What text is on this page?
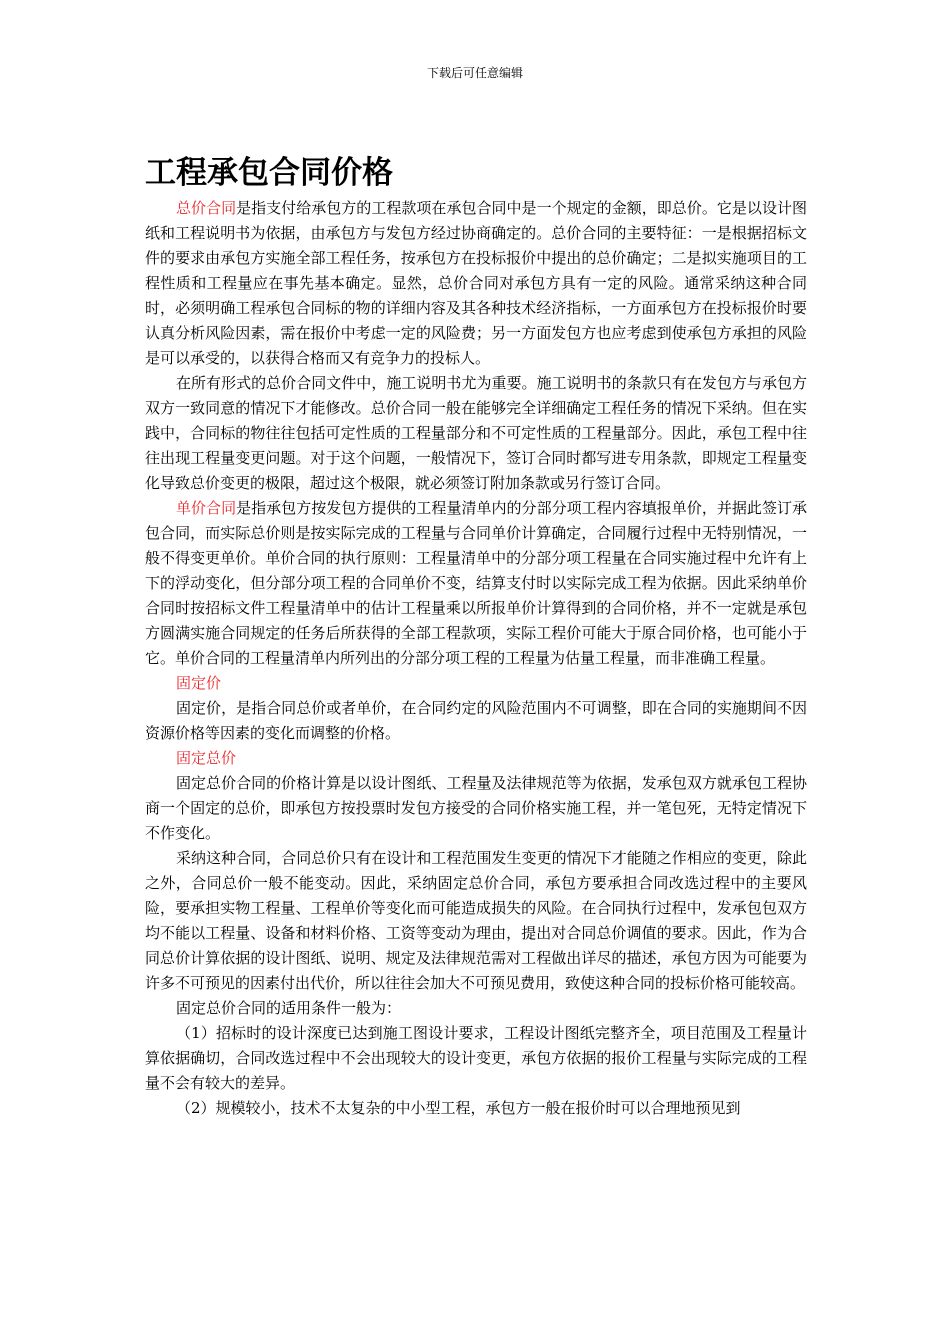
下载后可任意编辑
工程承包合同价格

总价合同是指支付给承包方的工程款项在承包合同中是一个规定的金额，即总价。它是以设计图纸和工程说明书为依据，由承包方与发包方经过协商确定的。总价合同的主要特征：一是根据招标文件的要求由承包方实施全部工程任务，按承包方在投标报价中提出的总价确定；二是拟实施项目的工程性质和工程量应在事先基本确定。显然，总价合同对承包方具有一定的风险。通常采纳这种合同时，必须明确工程承包合同标的物的详细内容及其各种技术经济指标，一方面承包方在投标报价时要认真分析风险因素，需在报价中考虑一定的风险费；另一方面发包方也应考虑到使承包方承担的风险是可以承受的，以获得合格而又有竞争力的投标人。

在所有形式的总价合同文件中，施工说明书尤为重要。施工说明书的条款只有在发包方与承包方双方一致同意的情况下才能修改。总价合同一般在能够完全详细确定工程任务的情况下采纳。但在实践中，合同标的物往往包括可定性质的工程量部分和不可定性质的工程量部分。因此，承包工程中往往出现工程量变更问题。对于这个问题，一般情况下，签订合同时都写进专用条款，即规定工程量变化导致总价变更的极限，超过这个极限，就必须签订附加条款或另行签订合同。

单价合同是指承包方按发包方提供的工程量清单内的分部分项工程内容填报单价，并据此签订承包合同，而实际总价则是按实际完成的工程量与合同单价计算确定，合同履行过程中无特别情况，一般不得变更单价。单价合同的执行原则：工程量清单中的分部分项工程量在合同实施过程中允许有上下的浮动变化，但分部分项工程的合同单价不变，结算支付时以实际完成工程为依据。因此采纳单价合同时按招标文件工程量清单中的估计工程量乘以所报单价计算得到的合同价格，并不一定就是承包方圆满实施合同规定的任务后所获得的全部工程款项，实际工程价可能大于原合同价格，也可能小于它。单价合同的工程量清单内所列出的分部分项工程的工程量为估量工程量，而非准确工程量。

固定价

固定价，是指合同总价或者单价，在合同约定的风险范围内不可调整，即在合同的实施期间不因资源价格等因素的变化而调整的价格。

固定总价

固定总价合同的价格计算是以设计图纸、工程量及法律规范等为依据，发承包双方就承包工程协商一个固定的总价，即承包方按投票时发包方接受的合同价格实施工程，并一笔包死，无特定情况下不作变化。

采纳这种合同，合同总价只有在设计和工程范围发生变更的情况下才能随之作相应的变更，除此之外，合同总价一般不能变动。因此，采纳固定总价合同，承包方要承担合同改选过程中的主要风险，要承担实物工程量、工程单价等变化而可能造成损失的风险。在合同执行过程中，发承包包双方均不能以工程量、设备和材料价格、工资等变动为理由，提出对合同总价调值的要求。因此，作为合同总价计算依据的设计图纸、说明、规定及法律规范需对工程做出详尽的描述，承包方因为可能要为许多不可预见的因素付出代价，所以往往会加大不可预见费用，致使这种合同的投标价格可能较高。

固定总价合同的适用条件一般为：

（1）招标时的设计深度已达到施工图设计要求，工程设计图纸完整齐全，项目范围及工程量计算依据确切，合同改选过程中不会出现较大的设计变更，承包方依据的报价工程量与实际完成的工程量不会有较大的差异。

（2）规模较小，技术不太复杂的中小型工程，承包方一般在报价时可以合理地预见到
